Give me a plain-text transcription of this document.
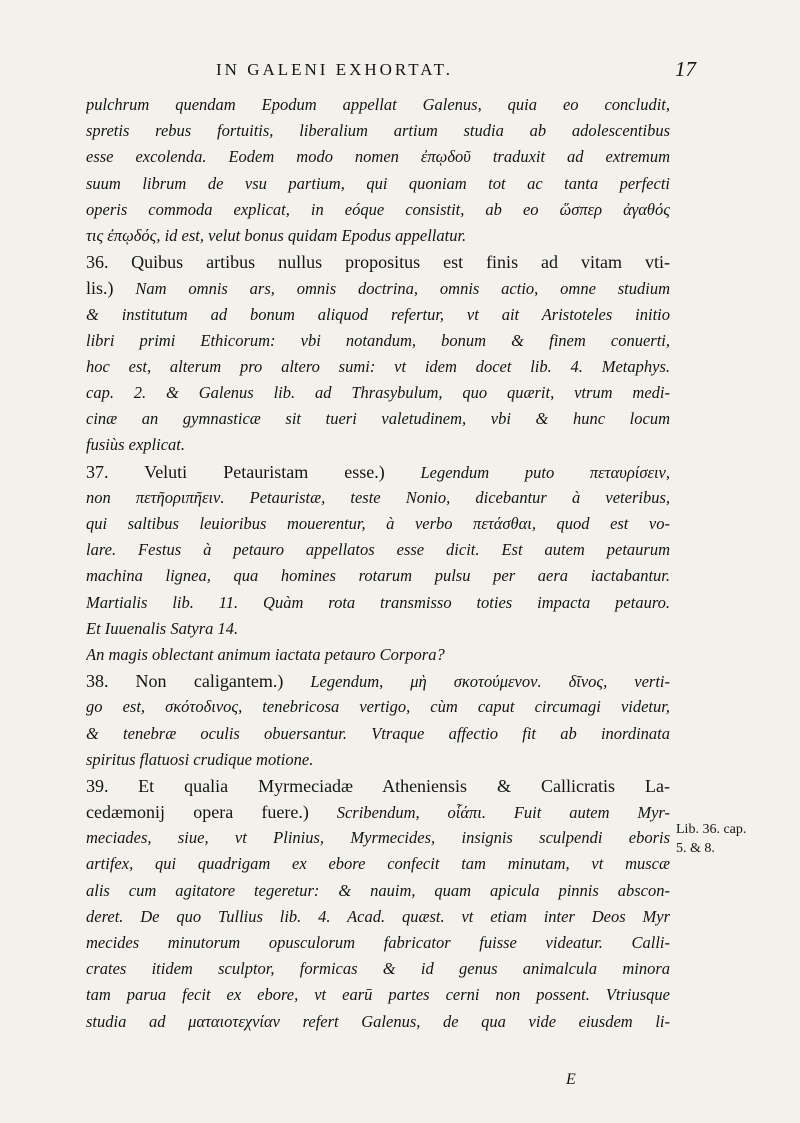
IN GALENI EXHORTAT.	17
pulchrum quendam Epodum appellat Galenus, quia eo concludit,
spretis rebus fortuitis, liberalium artium studia ab adolescentibus
esse excolenda. Eodem modo nomen ἐπῳδοῦ traduxit ad extremum
suum librum de vsu partium, qui quoniam tot ac tanta perfecti
operis commoda explicat, in eóque consistit, ab eo ὥσπερ ἀγαθός
τις ἐπῳδός, id est, velut bonus quidam Epodus appellatur.
36. Quibus artibus nullus propositus est finis ad vitam vti-
lis.) Nam omnis ars, omnis doctrina, omnis actio, omne studium
& institutum ad bonum aliquod refertur, vt ait Aristoteles initio
libri primi Ethicorum: vbi notandum, bonum & finem conuerti,
hoc est, alterum pro altero sumi: vt idem docet lib. 4. Metaphys.
cap. 2. & Galenus lib. ad Thrasybulum, quo quærit, vtrum medi-
cinæ an gymnasticæ sit tueri valetudinem, vbi & hunc locum
fusiùs explicat.
37. Veluti Petauristam esse.) Legendum puto πεταυρίσειν,
non πετῆοριπῆειν. Petauristæ, teste Nonio, dicebantur à veteribus,
qui saltibus leuioribus mouerentur, à verbo πετάσθαι, quod est vo-
lare. Festus à petauro appellatos esse dicit. Est autem petaurum
machina lignea, qua homines rotarum pulsu per aera iactabantur.
Martialis lib. 11. Quàm rota transmisso toties impacta petauro.
Et Iuuenalis Satyra 14.
An magis oblectant animum iactata petauro Corpora?
38. Non caligantem.) Legendum, μὴ σκοτούμενον. δῖνος, verti-
go est, σκότοδινος, tenebricosa vertigo, cùm caput circumagi videtur,
& tenebræ oculis obuersantur. Vtraque affectio fit ab inordinata
spiritus flatuosi crudique motione.
39. Et qualia Myrmeciadæ Atheniensis & Callicratis La-
cedæmonij opera fuere.) Scribendum, οἷάπι. Fuit autem Myr-
meciades, siue, vt Plinius, Myrmecides, insignis sculpendi eboris
artifex, qui quadrigam ex ebore confecit tam minutam, vt muscæ
alis cum agitatore tegeretur: & nauim, quam apicula pinnis abscon-
deret. De quo Tullius lib. 4. Acad. quæst. vt etiam inter Deos Myr
mecides minutorum opusculorum fabricator fuisse videatur. Calli-
crates itidem sculptor, formicas & id genus animalcula minora
tam parua fecit ex ebore, vt earū partes cerni non possent. Vtriusque
studia ad ματαιοτεχνίαν refert Galenus, de qua vide eiusdem li-
Lib. 36. cap.
5. & 8.
E
